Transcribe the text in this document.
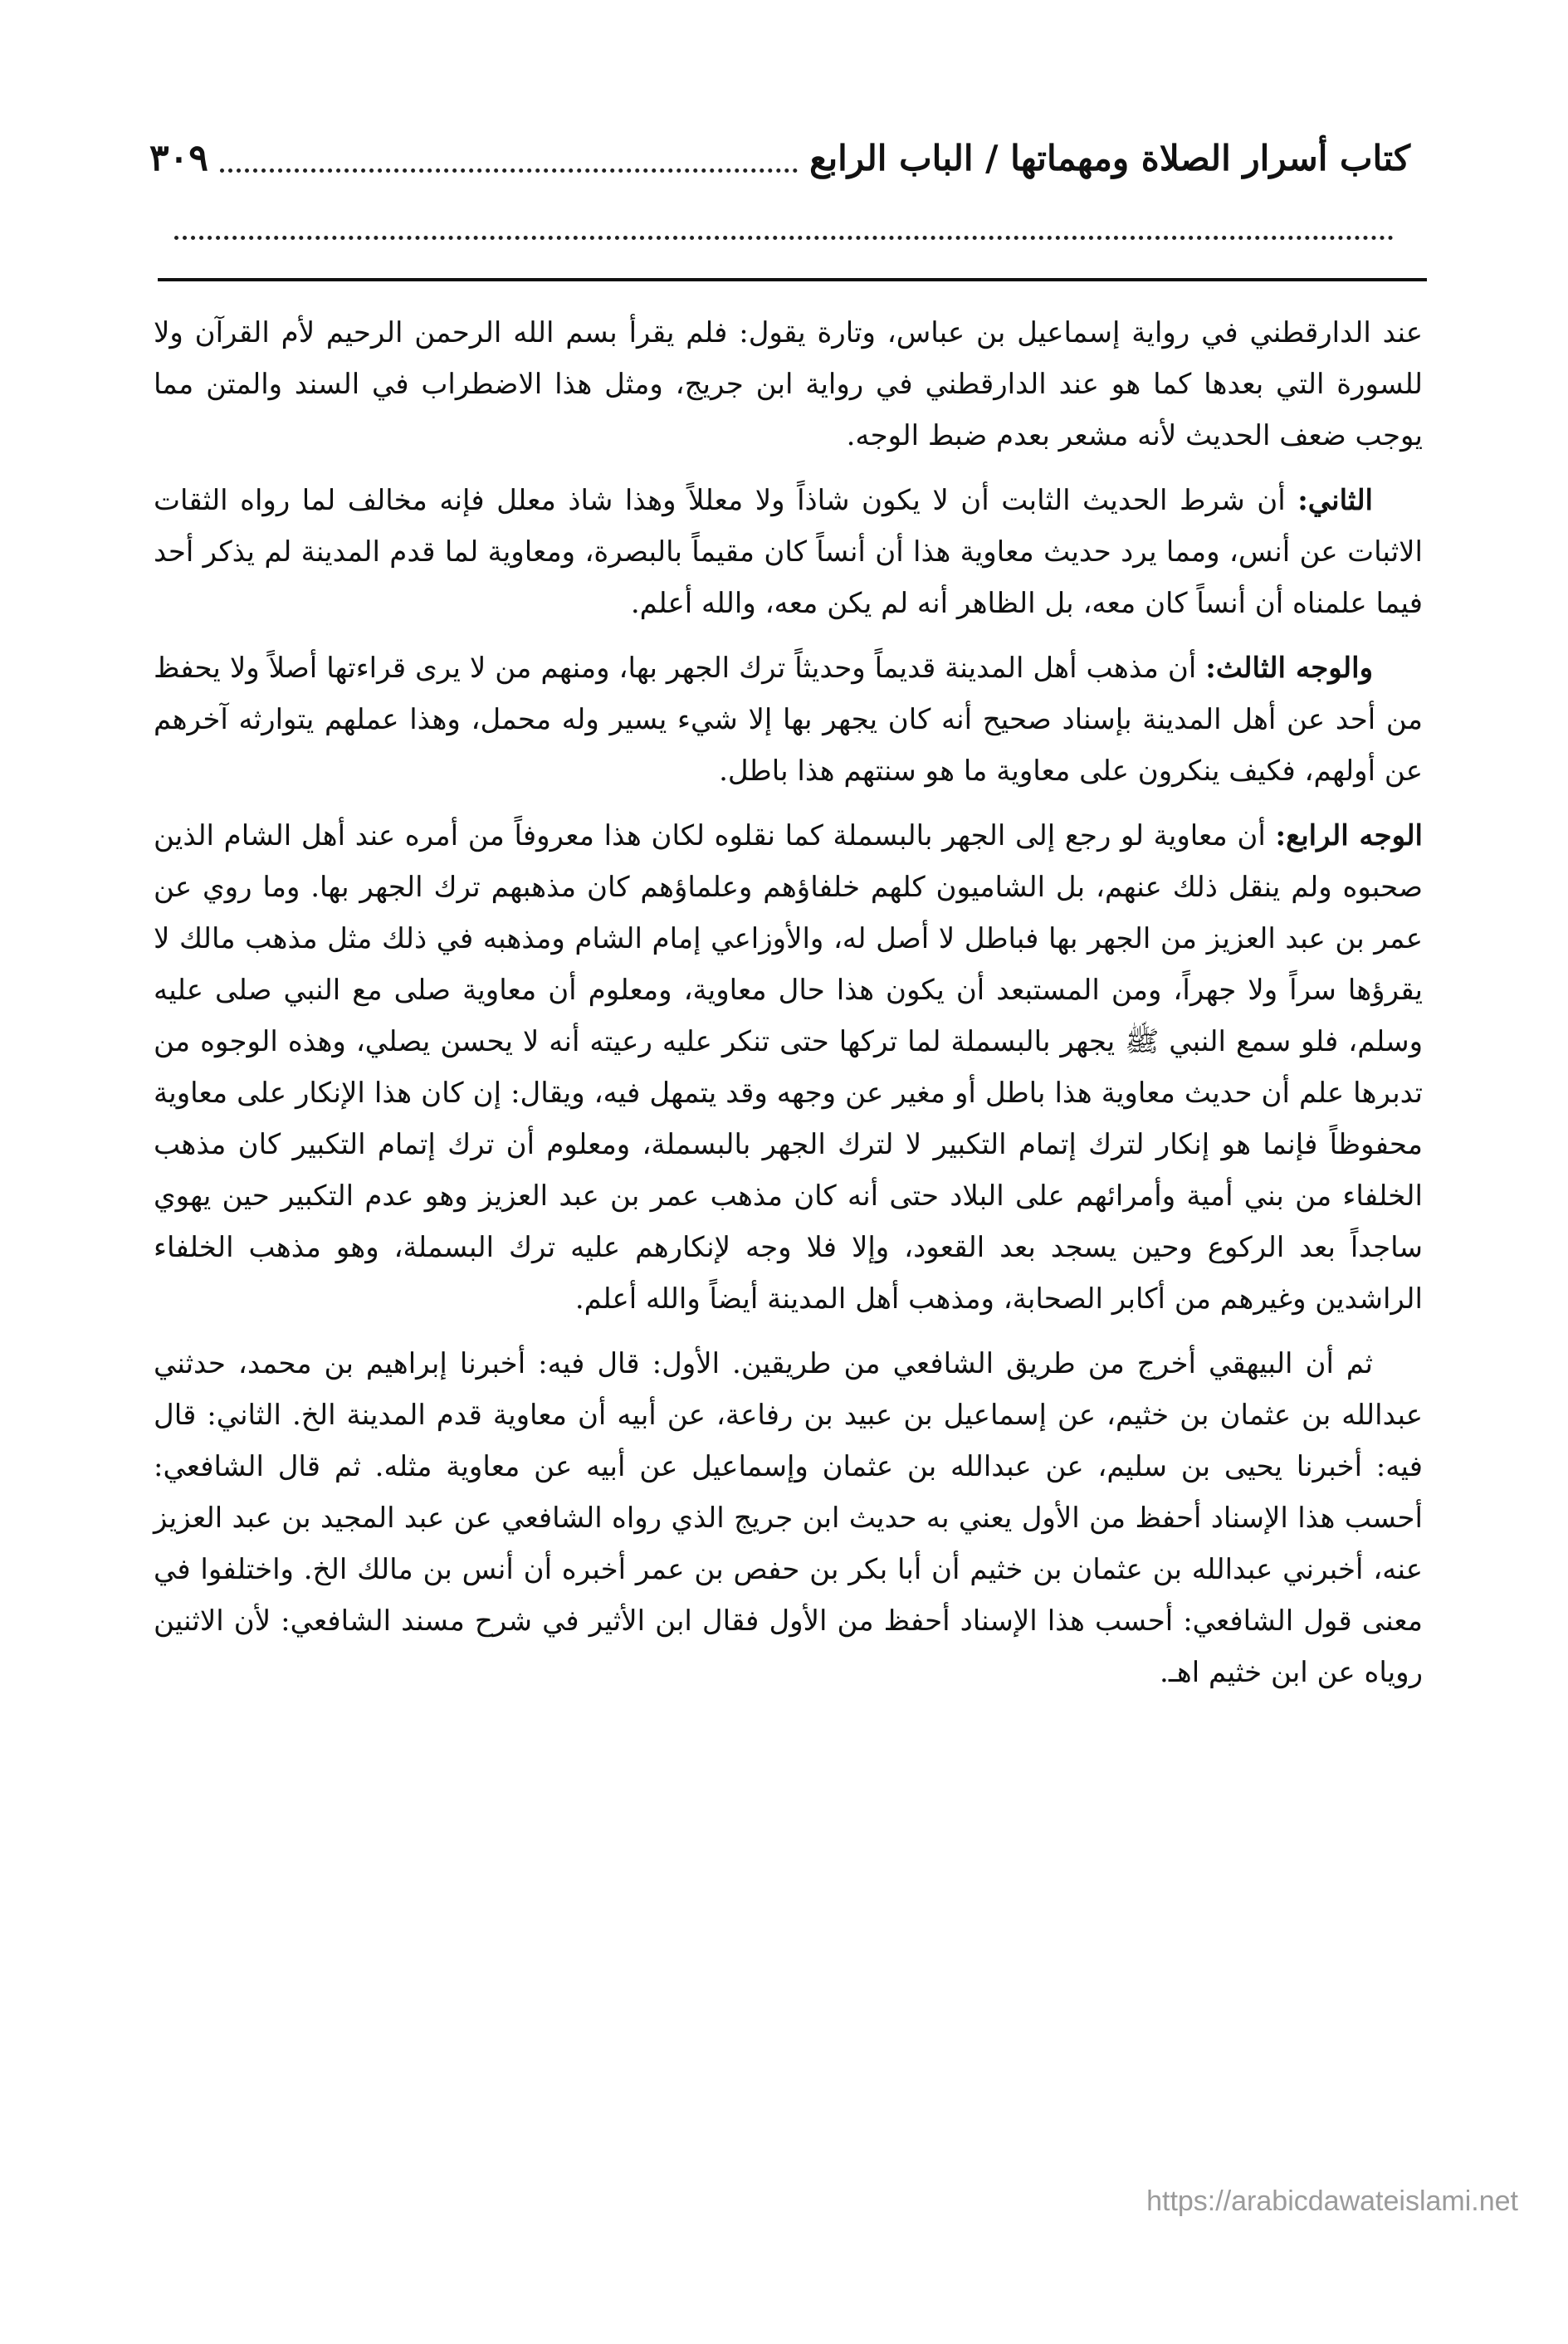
كتاب أسرار الصلاة ومهماتها / الباب الرابع
٣٠٩

عند الدارقطني في رواية إسماعيل بن عباس، وتارة يقول: فلم يقرأ بسم الله الرحمن الرحيم لأم القرآن ولا للسورة التي بعدها كما هو عند الدارقطني في رواية ابن جريج، ومثل هذا الاضطراب في السند والمتن مما يوجب ضعف الحديث لأنه مشعر بعدم ضبط الوجه.

الثاني: أن شرط الحديث الثابت أن لا يكون شاذاً ولا معللاً وهذا شاذ معلل فإنه مخالف لما رواه الثقات الاثبات عن أنس، ومما يرد حديث معاوية هذا أن أنساً كان مقيماً بالبصرة، ومعاوية لما قدم المدينة لم يذكر أحد فيما علمناه أن أنساً كان معه، بل الظاهر أنه لم يكن معه، والله أعلم.

والوجه الثالث: أن مذهب أهل المدينة قديماً وحديثاً ترك الجهر بها، ومنهم من لا يرى قراءتها أصلاً ولا يحفظ من أحد عن أهل المدينة بإسناد صحيح أنه كان يجهر بها إلا شيء يسير وله محمل، وهذا عملهم يتوارثه آخرهم عن أولهم، فكيف ينكرون على معاوية ما هو سنتهم هذا باطل.

الوجه الرابع: أن معاوية لو رجع إلى الجهر بالبسملة كما نقلوه لكان هذا معروفاً من أمره عند أهل الشام الذين صحبوه ولم ينقل ذلك عنهم، بل الشاميون كلهم خلفاؤهم وعلماؤهم كان مذهبهم ترك الجهر بها. وما روي عن عمر بن عبد العزيز من الجهر بها فباطل لا أصل له، والأوزاعي إمام الشام ومذهبه في ذلك مثل مذهب مالك لا يقرؤها سراً ولا جهراً، ومن المستبعد أن يكون هذا حال معاوية، ومعلوم أن معاوية صلى مع النبي صلى عليه وسلم، فلو سمع النبي ﷺ يجهر بالبسملة لما تركها حتى تنكر عليه رعيته أنه لا يحسن يصلي، وهذه الوجوه من تدبرها علم أن حديث معاوية هذا باطل أو مغير عن وجهه وقد يتمهل فيه، ويقال: إن كان هذا الإنكار على معاوية محفوظاً فإنما هو إنكار لترك إتمام التكبير لا لترك الجهر بالبسملة، ومعلوم أن ترك إتمام التكبير كان مذهب الخلفاء من بني أمية وأمرائهم على البلاد حتى أنه كان مذهب عمر بن عبد العزيز وهو عدم التكبير حين يهوي ساجداً بعد الركوع وحين يسجد بعد القعود، وإلا فلا وجه لإنكارهم عليه ترك البسملة، وهو مذهب الخلفاء الراشدين وغيرهم من أكابر الصحابة، ومذهب أهل المدينة أيضاً والله أعلم.

ثم أن البيهقي أخرج من طريق الشافعي من طريقين. الأول: قال فيه: أخبرنا إبراهيم بن محمد، حدثني عبدالله بن عثمان بن خثيم، عن إسماعيل بن عبيد بن رفاعة، عن أبيه أن معاوية قدم المدينة الخ. الثاني: قال فيه: أخبرنا يحيى بن سليم، عن عبدالله بن عثمان وإسماعيل عن أبيه عن معاوية مثله. ثم قال الشافعي: أحسب هذا الإسناد أحفظ من الأول يعني به حديث ابن جريج الذي رواه الشافعي عن عبد المجيد بن عبد العزيز عنه، أخبرني عبدالله بن عثمان بن خثيم أن أبا بكر بن حفص بن عمر أخبره أن أنس بن مالك الخ. واختلفوا في معنى قول الشافعي: أحسب هذا الإسناد أحفظ من الأول فقال ابن الأثير في شرح مسند الشافعي: لأن الاثنين روياه عن ابن خثيم اهـ.

https://arabicdawateislami.net
